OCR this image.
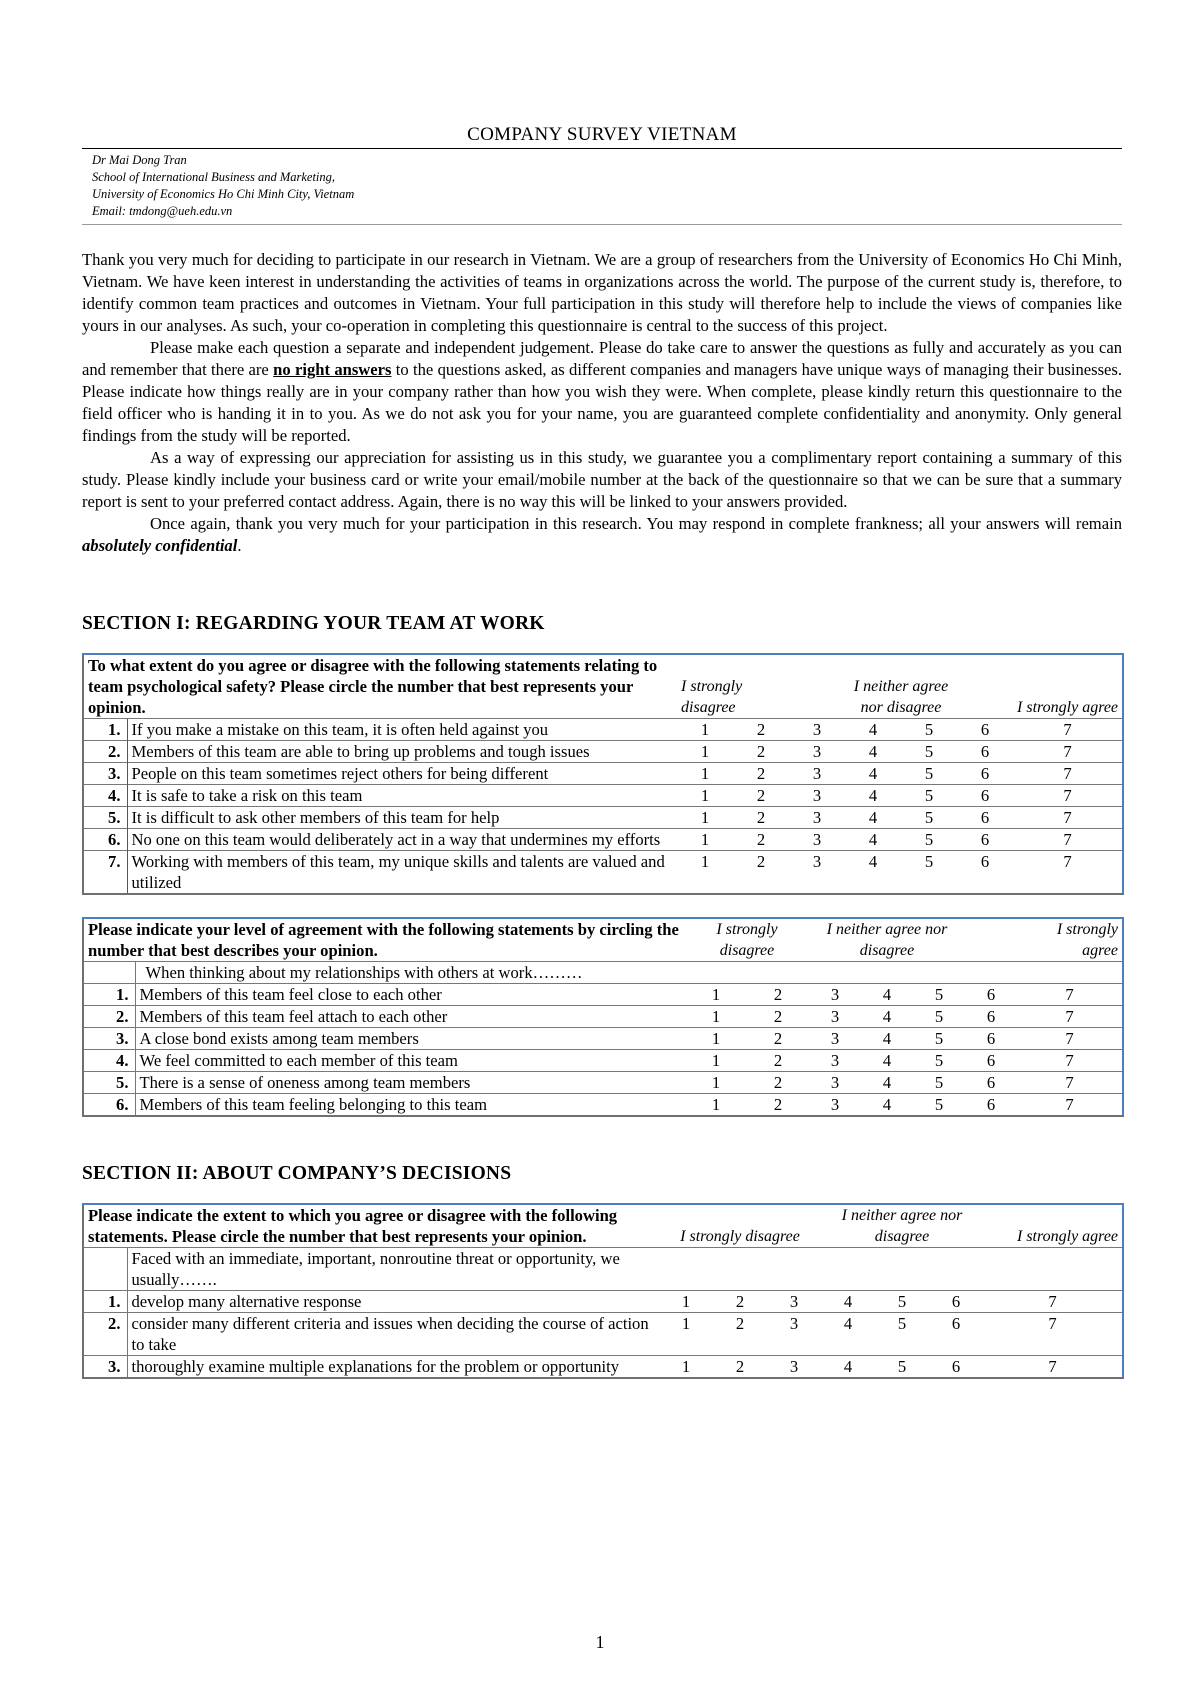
COMPANY SURVEY VIETNAM
Dr Mai Dong Tran
School of International Business and Marketing,
University of Economics Ho Chi Minh City, Vietnam
Email: tmdong@ueh.edu.vn

Thank you very much for deciding to participate in our research in Vietnam. We are a group of researchers from the University of Economics Ho Chi Minh, Vietnam. We have keen interest in understanding the activities of teams in organizations across the world. The purpose of the current study is, therefore, to identify common team practices and outcomes in Vietnam. Your full participation in this study will therefore help to include the views of companies like yours in our analyses. As such, your co-operation in completing this questionnaire is central to the success of this project.

Please make each question a separate and independent judgement. Please do take care to answer the questions as fully and accurately as you can and remember that there are no right answers to the questions asked, as different companies and managers have unique ways of managing their businesses. Please indicate how things really are in your company rather than how you wish they were. When complete, please kindly return this questionnaire to the field officer who is handing it in to you. As we do not ask you for your name, you are guaranteed complete confidentiality and anonymity. Only general findings from the study will be reported.

As a way of expressing our appreciation for assisting us in this study, we guarantee you a complimentary report containing a summary of this study. Please kindly include your business card or write your email/mobile number at the back of the questionnaire so that we can be sure that a summary report is sent to your preferred contact address. Again, there is no way this will be linked to your answers provided.

Once again, thank you very much for your participation in this research. You may respond in complete frankness; all your answers will remain absolutely confidential.

SECTION I: REGARDING YOUR TEAM AT WORK
To what extent do you agree or disagree with the following statements relating to team psychological safety? Please circle the number that best represents your opinion.		I strongly disagree			I neither agree nor disagree			I strongly agree
1.	If you make a mistake on this team, it is often held against you	1	2	3	4	5	6	7
2.	Members of this team are able to bring up problems and tough issues	1	2	3	4	5	6	7
3.	People on this team sometimes reject others for being different	1	2	3	4	5	6	7
4.	It is safe to take a risk on this team	1	2	3	4	5	6	7
5.	It is difficult to ask other members of this team for help	1	2	3	4	5	6	7
6.	No one on this team would deliberately act in a way that undermines my efforts	1	2	3	4	5	6	7
7.	Working with members of this team, my unique skills and talents are valued and utilized	1	2	3	4	5	6	7
Please indicate your level of agreement with the following statements by circling the number that best describes your opinion.		I strongly disagree		I neither agree nor disagree				I strongly agree
	When thinking about my relationships with others at work………							
1.	Members of this team feel close to each other	1	2	3	4	5	6	7
2.	Members of this team feel attach to each other	1	2	3	4	5	6	7
3.	A close bond exists among team members	1	2	3	4	5	6	7
4.	We feel committed to each member of this team	1	2	3	4	5	6	7
5.	There is a sense of oneness among team members	1	2	3	4	5	6	7
6.	Members of this team feeling belonging to this team	1	2	3	4	5	6	7
SECTION II: ABOUT COMPANY’S DECISIONS
Please indicate the extent to which you agree or disagree with the following statements. Please circle the number that best represents your opinion.		I strongly disagree			I neither agree nor disagree			I strongly agree
	Faced with an immediate, important, nonroutine threat or opportunity, we usually…….							
1.	develop many alternative response	1	2	3	4	5	6	7
2.	consider many different criteria and issues when deciding the course of action to take	1	2	3	4	5	6	7
3.	thoroughly examine multiple explanations for the problem or opportunity	1	2	3	4	5	6	7
1
